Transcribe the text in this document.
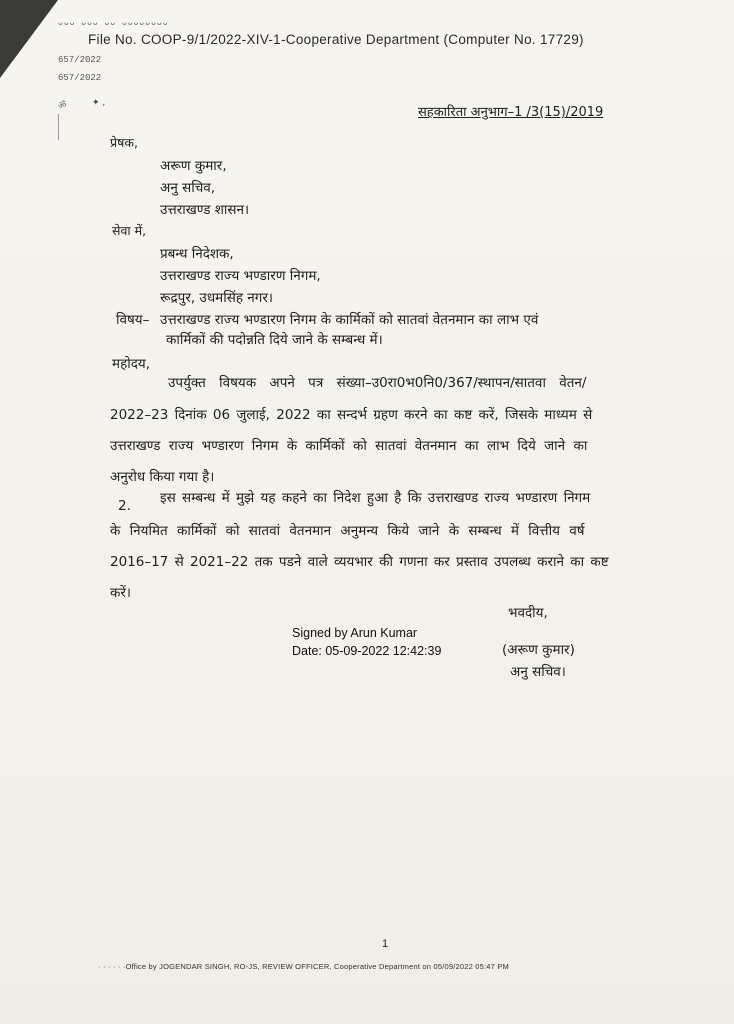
ᴗᴗᴗ ᴗᴗᴗ ᴗᴗ ᴗᴗᴗᴗᴗᴗᴗᴗ
File No. COOP-9/1/2022-XIV-1-Cooperative Department (Computer No. 17729)
657/2022
657/2022
ॐ	✦ ,
सहकारिता अनुभाग–1 /3(15)/2019
प्रेषक,
अरूण कुमार,
अनु सचिव,
उत्तराखण्ड शासन।
सेवा में,
प्रबन्ध निदेशक,
उत्तराखण्ड राज्य भण्डारण निगम,
रूद्रपुर, उधमसिंह नगर।
विषय– उत्तराखण्ड राज्य भण्डारण निगम के कार्मिकों को सातवां वेतनमान का लाभ एवं
कार्मिकों की पदोन्नति दिये जाने के सम्बन्ध में।
महोदय,
उपर्युक्त विषयक अपने पत्र संख्या–उ0रा0भ0नि0/367/स्थापन/सातवा वेतन/
2022–23 दिनांक 06 जुलाई, 2022 का सन्दर्भ ग्रहण करने का कष्ट करें, जिसके माध्यम से
उत्तराखण्ड राज्य भण्डारण निगम के कार्मिकों को सातवां वेतनमान का लाभ दिये जाने का
अनुरोध किया गया है।
2. इस सम्बन्ध में मुझे यह कहने का निदेश हुआ है कि उत्तराखण्ड राज्य भण्डारण निगम
के नियमित कार्मिकों को सातवां वेतनमान अनुमन्य किये जाने के सम्बन्ध में वित्तीय वर्ष
2016–17 से 2021–22 तक पडने वाले व्ययभार की गणना कर प्रस्ताव उपलब्ध कराने का कष्ट
करें।
भवदीय,
Signed by Arun Kumar
Date: 05-09-2022 12:42:39	(अरूण कुमार)
अनु सचिव।
1
· · · · · ·Office by JOGENDAR SINGH, RO-JS, REVIEW OFFICER, Cooperative Department on 05/09/2022 05:47 PM
